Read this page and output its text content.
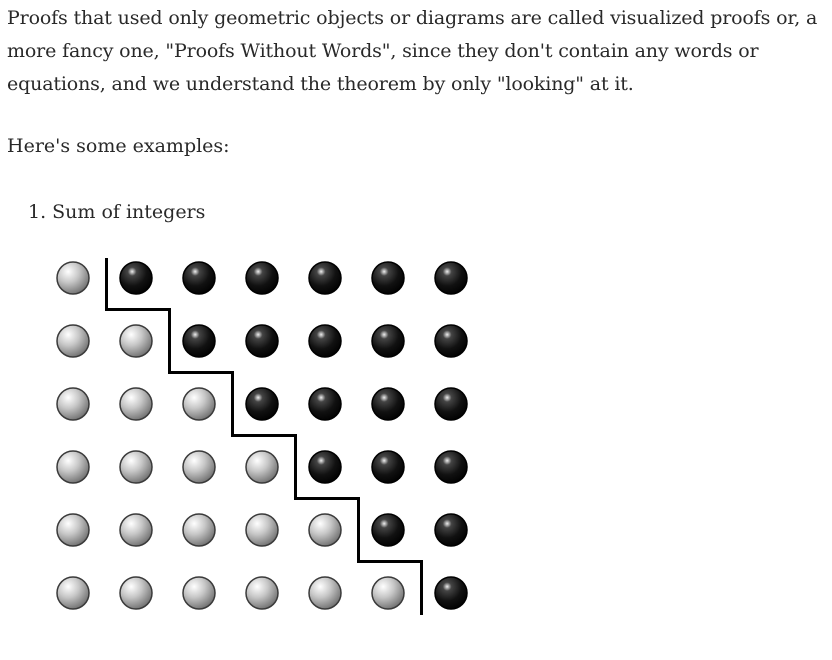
Proofs that used only geometric objects or diagrams are called visualized proofs or, a more fancy one, "Proofs Without Words", since they don't contain any words or equations, and we understand the theorem by only "looking" at it.

Here's some examples:

1. Sum of integers
